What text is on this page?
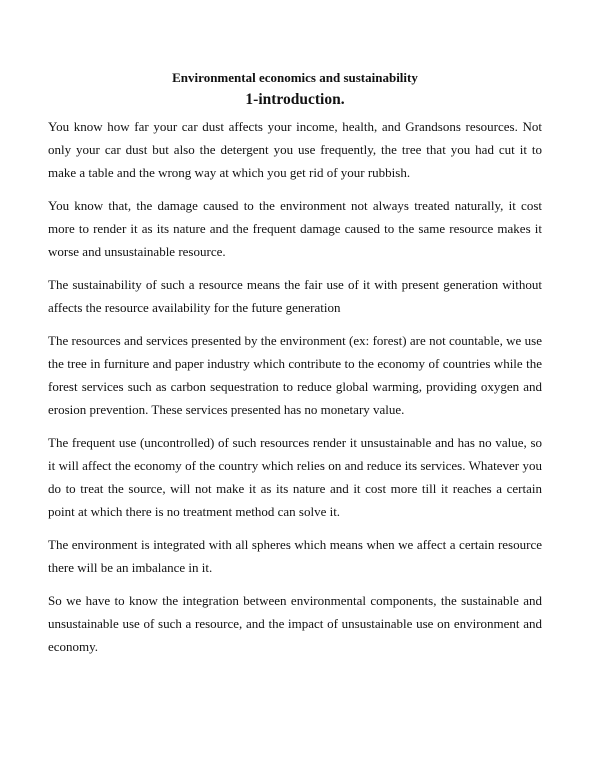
Environmental economics and sustainability
1-introduction.

You know how far your car dust affects your income, health, and Grandsons resources. Not only your car dust but also the detergent you use frequently, the tree that you had cut it to make a table and the wrong way at which you get rid of your rubbish.

You know that, the damage caused to the environment not always treated naturally, it cost more to render it as its nature and the frequent damage caused to the same resource makes it worse and unsustainable resource.

The sustainability of such a resource means the fair use of it with present generation without affects the resource availability for the future generation

The resources and services presented by the environment (ex: forest) are not countable, we use the tree in furniture and paper industry which contribute to the economy of countries while the forest services such as carbon sequestration to reduce global warming, providing oxygen and erosion prevention. These services presented has no monetary value.

The frequent use (uncontrolled) of such resources render it unsustainable and has no value, so it will affect the economy of the country which relies on and reduce its services. Whatever you do to treat the source, will not make it as its nature and it cost more till it reaches a certain point at which there is no treatment method can solve it.

The environment is integrated with all spheres which means when we affect a certain resource there will be an imbalance in it.

So we have to know the integration between environmental components, the sustainable and unsustainable use of such a resource, and the impact of unsustainable use on environment and economy.
